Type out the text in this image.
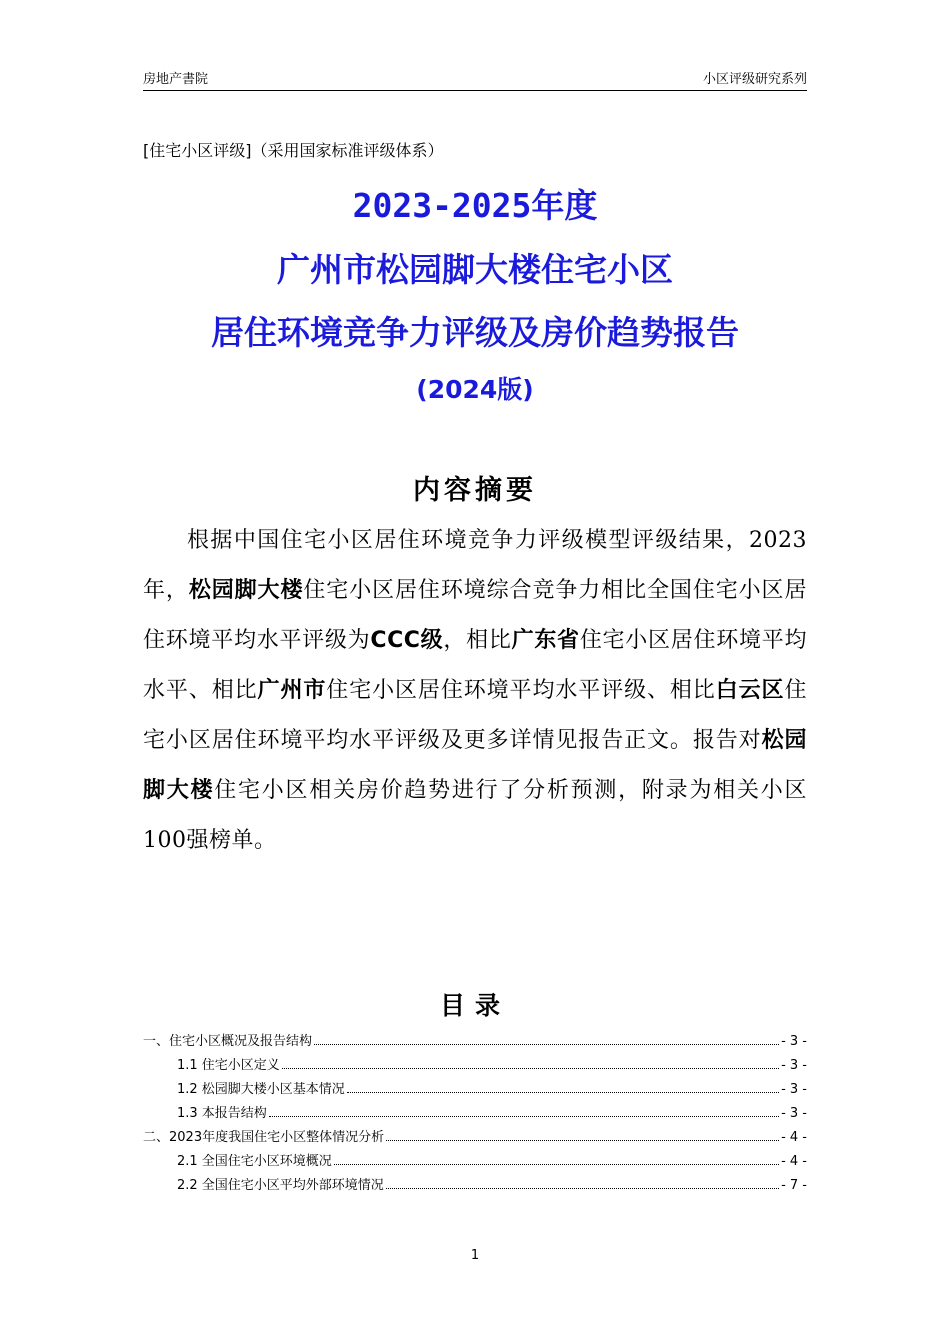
房地产書院	小区评级研究系列
[住宅小区评级]（采用国家标准评级体系）
2023-2025年度
广州市松园脚大楼住宅小区
居住环境竞争力评级及房价趋势报告
(2024版)
内容摘要
根据中国住宅小区居住环境竞争力评级模型评级结果，2023年，松园脚大楼住宅小区居住环境综合竞争力相比全国住宅小区居住环境平均水平评级为CCC级，相比广东省住宅小区居住环境平均水平、相比广州市住宅小区居住环境平均水平评级、相比白云区住宅小区居住环境平均水平评级及更多详情见报告正文。报告对松园脚大楼住宅小区相关房价趋势进行了分析预测，附录为相关小区100强榜单。
目录
一、住宅小区概况及报告结构	- 3 -
1.1 住宅小区定义	- 3 -
1.2 松园脚大楼小区基本情况	- 3 -
1.3 本报告结构	- 3 -
二、2023年度我国住宅小区整体情况分析	- 4 -
2.1 全国住宅小区环境概况	- 4 -
2.2 全国住宅小区平均外部环境情况	- 7 -
1
